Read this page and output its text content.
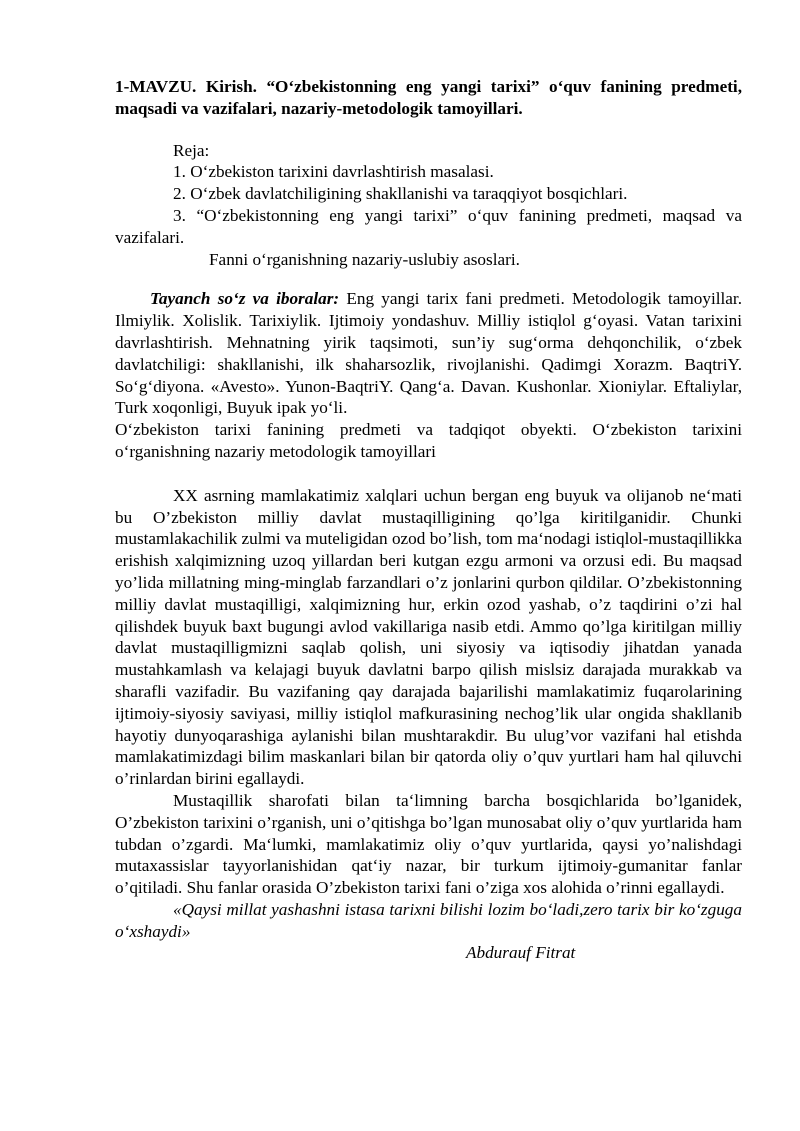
1-MAVZU. Kirish. “O‘zbekistonning eng yangi tarixi” o‘quv fanining predmeti, maqsadi va vazifalari, nazariy-metodologik tamoyillari.

Reja:
1. O‘zbekiston tarixini davrlashtirish masalasi.
2. O‘zbek davlatchiligining shakllanishi va taraqqiyot bosqichlari.
3. “O‘zbekistonning eng yangi tarixi” o‘quv fanining predmeti, maqsad va vazifalari.
Fanni o‘rganishning nazariy-uslubiy asoslari.

Tayanch so‘z va iboralar: Eng yangi tarix fani predmeti. Metodologik tamoyillar. Ilmiylik. Xolislik. Tarixiylik. Ijtimoiy yondashuv. Milliy istiqlol g‘oyasi. Vatan tarixini davrlashtirish. Mehnatning yirik taqsimoti, sun’iy sug‘orma dehqonchilik, o‘zbek davlatchiligi: shakllanishi, ilk shaharsozlik, rivojlanishi. Qadimgi Xorazm. BaqtriY. So‘g‘diyona. «Avesto». Yunon-BaqtriY. Qang‘a. Davan. Kushonlar. Xioniylar. Eftaliylar, Turk xoqonligi, Buyuk ipak yo‘li.

O‘zbekiston tarixi fanining predmeti va tadqiqot obyekti. O‘zbekiston tarixini o‘rganishning nazariy metodologik tamoyillari

XX asrning mamlakatimiz xalqlari uchun bergan eng buyuk va olijanob ne‘mati bu O’zbekiston milliy davlat mustaqilligining qo’lga kiritilganidir. Chunki mustamlakachilik zulmi va muteligidan ozod bo’lish, tom ma‘nodagi istiqlol-mustaqillikka erishish xalqimizning uzoq yillardan beri kutgan ezgu armoni va orzusi edi. Bu maqsad yo’lida millatning ming-minglab farzandlari o’z jonlarini qurbon qildilar. O’zbekistonning milliy davlat mustaqilligi, xalqimizning hur, erkin ozod yashab, o’z taqdirini o’zi hal qilishdek buyuk baxt bugungi avlod vakillariga nasib etdi. Ammo qo’lga kiritilgan milliy davlat mustaqilligmizni saqlab qolish, uni siyosiy va iqtisodiy jihatdan yanada mustahkamlash va kelajagi buyuk davlatni barpo qilish mislsiz darajada murakkab va sharafli vazifadir. Bu vazifaning qay darajada bajarilishi mamlakatimiz fuqarolarining ijtimoiy-siyosiy saviyasi, milliy istiqlol mafkurasining nechog’lik ular ongida shakllanib hayotiy dunyoqarashiga aylanishi bilan mushtarakdir. Bu ulug’vor vazifani hal etishda mamlakatimizdagi bilim maskanlari bilan bir qatorda oliy o’quv yurtlari ham hal qiluvchi o’rinlardan birini egallaydi.

Mustaqillik sharofati bilan ta‘limning barcha bosqichlarida bo’lganidek, O’zbekiston tarixini o’rganish, uni o’qitishga bo’lgan munosabat oliy o’quv yurtlarida ham tubdan o’zgardi. Ma‘lumki, mamlakatimiz oliy o’quv yurtlarida, qaysi yo’nalishdagi mutaxassislar tayyorlanishidan qat‘iy nazar, bir turkum ijtimoiy-gumanitar fanlar o’qitiladi. Shu fanlar orasida O’zbekiston tarixi fani o’ziga xos alohida o’rinni egallaydi.

«Qaysi millat yashashni istasa tarixni bilishi lozim bo‘ladi,zero tarix bir ko‘zguga o‘xshaydi»

Abdurauf Fitrat
